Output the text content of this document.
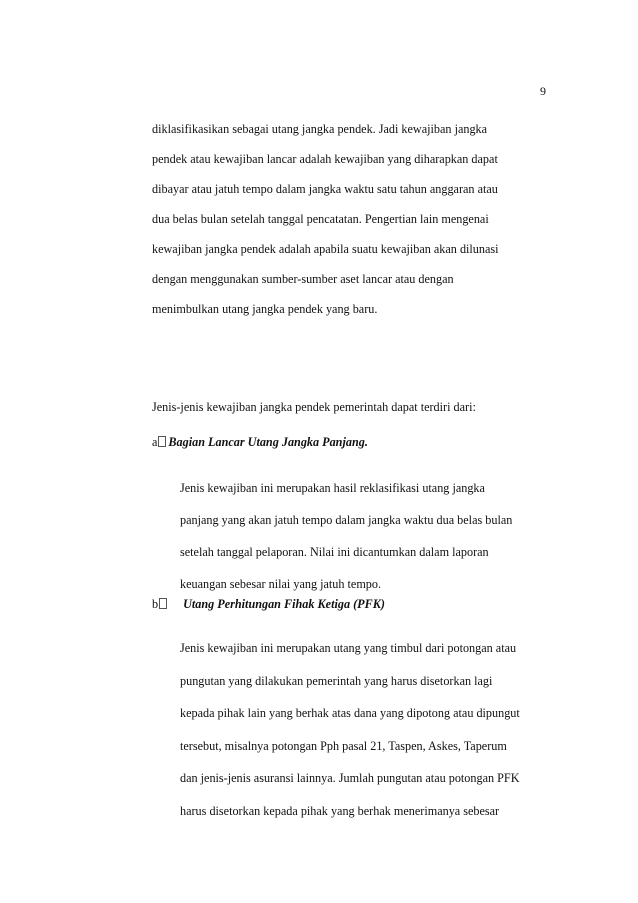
9

diklasifikasikan sebagai utang jangka pendek. Jadi kewajiban jangka
pendek atau kewajiban lancar adalah kewajiban yang diharapkan dapat
dibayar atau jatuh tempo dalam jangka waktu satu tahun anggaran atau
dua belas bulan setelah tanggal pencatatan. Pengertian lain mengenai
kewajiban jangka pendek adalah apabila suatu kewajiban akan dilunasi
dengan menggunakan sumber-sumber aset lancar atau dengan
menimbulkan utang jangka pendek yang baru.

Jenis-jenis kewajiban jangka pendek pemerintah dapat terdiri dari:
a Bagian Lancar Utang Jangka Panjang.
Jenis kewajiban ini merupakan hasil reklasifikasi utang jangka
panjang yang akan jatuh tempo dalam jangka waktu dua belas bulan
setelah tanggal pelaporan. Nilai ini dicantumkan dalam laporan
keuangan sebesar nilai yang jatuh tempo.
b Utang Perhitungan Fihak Ketiga (PFK)
Jenis kewajiban ini merupakan utang yang timbul dari potongan atau
pungutan yang dilakukan pemerintah yang harus disetorkan lagi
kepada pihak lain yang berhak atas dana yang dipotong atau dipungut
tersebut, misalnya potongan Pph pasal 21, Taspen, Askes, Taperum
dan jenis-jenis asuransi lainnya. Jumlah pungutan atau potongan PFK
harus disetorkan kepada pihak yang berhak menerimanya sebesar
